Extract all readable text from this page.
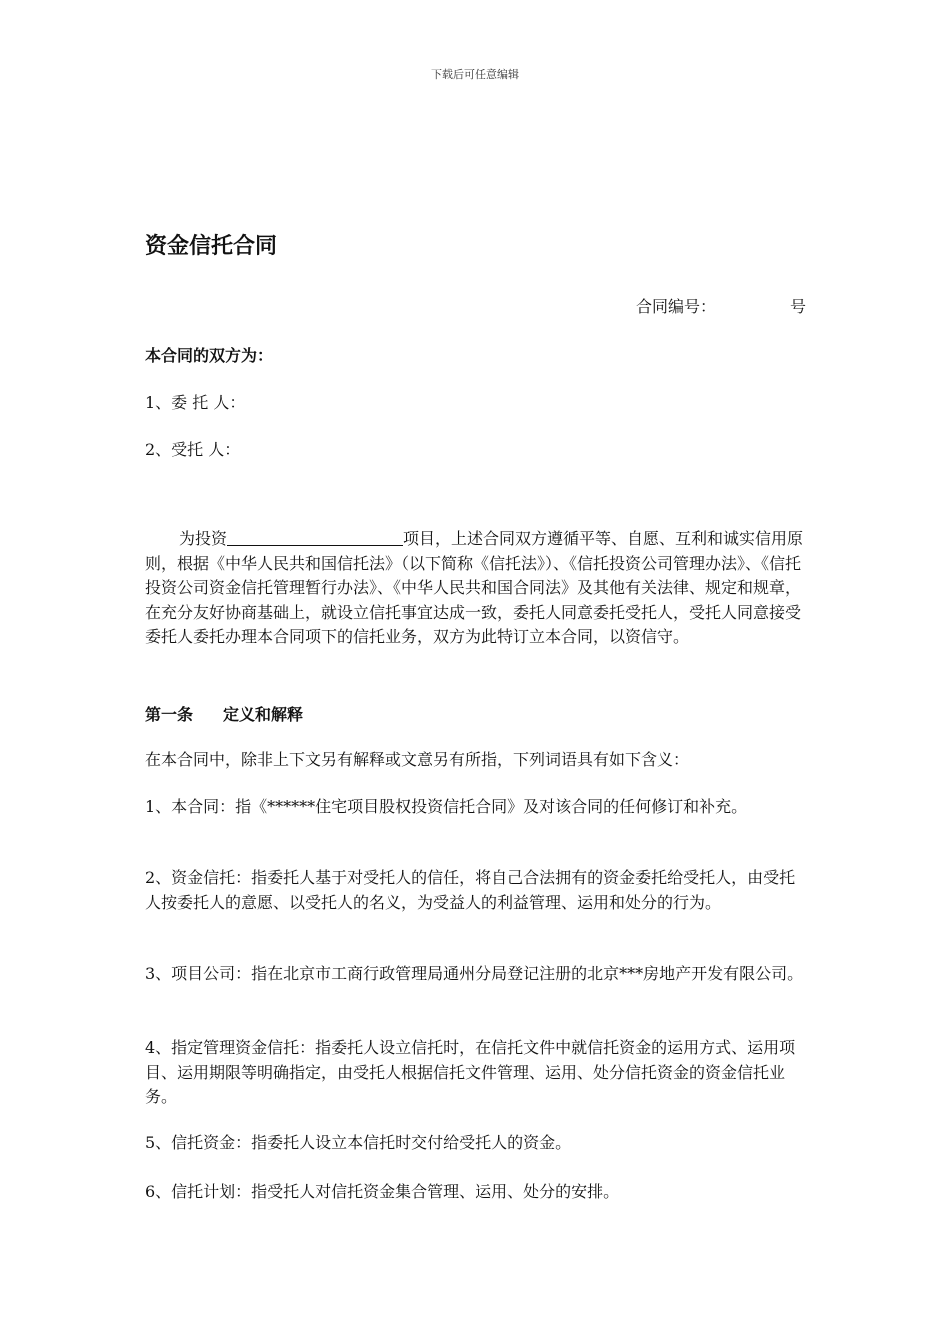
下载后可任意编辑
资金信托合同
合同编号：	号
本合同的双方为：
1、委 托 人：
2、受托 人：
为投资	项目，上述合同双方遵循平等、自愿、互利和诚实信用原则，根据《中华人民共和国信托法》（以下简称《信托法》）、《信托投资公司管理办法》、《信托投资公司资金信托管理暂行办法》、《中华人民共和国合同法》及其他有关法律、规定和规章，在充分友好协商基础上，就设立信托事宜达成一致，委托人同意委托受托人，受托人同意接受委托人委托办理本合同项下的信托业务，双方为此特订立本合同，以资信守。
第一条 定义和解释
在本合同中，除非上下文另有解释或文意另有所指，下列词语具有如下含义：
1、本合同：指《******住宅项目股权投资信托合同》及对该合同的任何修订和补充。
2、资金信托：指委托人基于对受托人的信任，将自己合法拥有的资金委托给受托人，由受托人按委托人的意愿、以受托人的名义，为受益人的利益管理、运用和处分的行为。
3、项目公司：指在北京市工商行政管理局通州分局登记注册的北京***房地产开发有限公司。
4、指定管理资金信托：指委托人设立信托时，在信托文件中就信托资金的运用方式、运用项目、运用期限等明确指定，由受托人根据信托文件管理、运用、处分信托资金的资金信托业务。
5、信托资金：指委托人设立本信托时交付给受托人的资金。
6、信托计划：指受托人对信托资金集合管理、运用、处分的安排。
